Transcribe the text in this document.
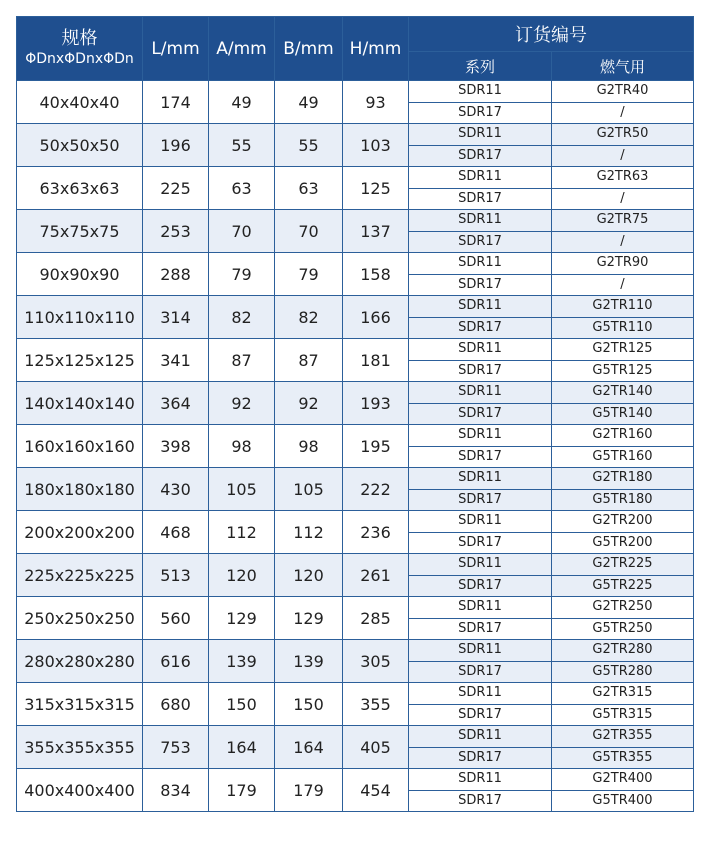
规格
ΦDnxΦDnxΦDn	L/mm	A/mm	B/mm	H/mm	订货编号	
					系列	燃气用
40x40x40	174	49	49	93	SDR11	G2TR40
					SDR17	/
50x50x50	196	55	55	103	SDR11	G2TR50
					SDR17	/
63x63x63	225	63	63	125	SDR11	G2TR63
					SDR17	/
75x75x75	253	70	70	137	SDR11	G2TR75
					SDR17	/
90x90x90	288	79	79	158	SDR11	G2TR90
					SDR17	/
110x110x110	314	82	82	166	SDR11	G2TR110
					SDR17	G5TR110
125x125x125	341	87	87	181	SDR11	G2TR125
					SDR17	G5TR125
140x140x140	364	92	92	193	SDR11	G2TR140
					SDR17	G5TR140
160x160x160	398	98	98	195	SDR11	G2TR160
					SDR17	G5TR160
180x180x180	430	105	105	222	SDR11	G2TR180
					SDR17	G5TR180
200x200x200	468	112	112	236	SDR11	G2TR200
					SDR17	G5TR200
225x225x225	513	120	120	261	SDR11	G2TR225
					SDR17	G5TR225
250x250x250	560	129	129	285	SDR11	G2TR250
					SDR17	G5TR250
280x280x280	616	139	139	305	SDR11	G2TR280
					SDR17	G5TR280
315x315x315	680	150	150	355	SDR11	G2TR315
					SDR17	G5TR315
355x355x355	753	164	164	405	SDR11	G2TR355
					SDR17	G5TR355
400x400x400	834	179	179	454	SDR11	G2TR400
					SDR17	G5TR400
